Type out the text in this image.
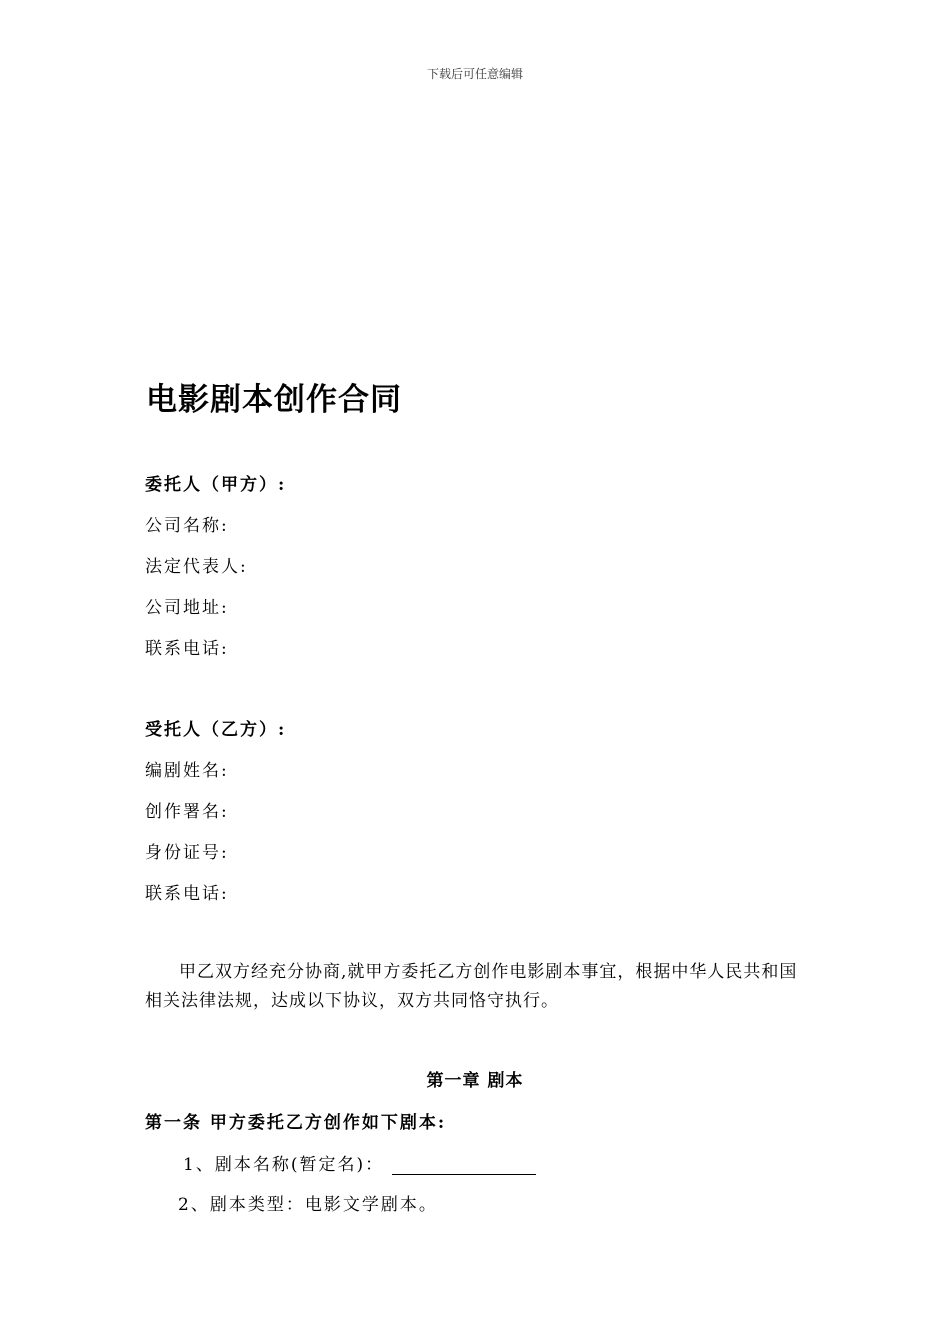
下载后可任意编辑
电影剧本创作合同
委托人（甲方）:
公司名称:
法定代表人:
公司地址:
联系电话:
受托人（乙方）:
编剧姓名:
创作署名:
身份证号:
联系电话:
甲乙双方经充分协商,就甲方委托乙方创作电影剧本事宜，根据中华人民共和国相关法律法规，达成以下协议，双方共同恪守执行。
第一章 剧本
第一条 甲方委托乙方创作如下剧本:
1、剧本名称(暂定名)：
2、剧本类型：电影文学剧本。
